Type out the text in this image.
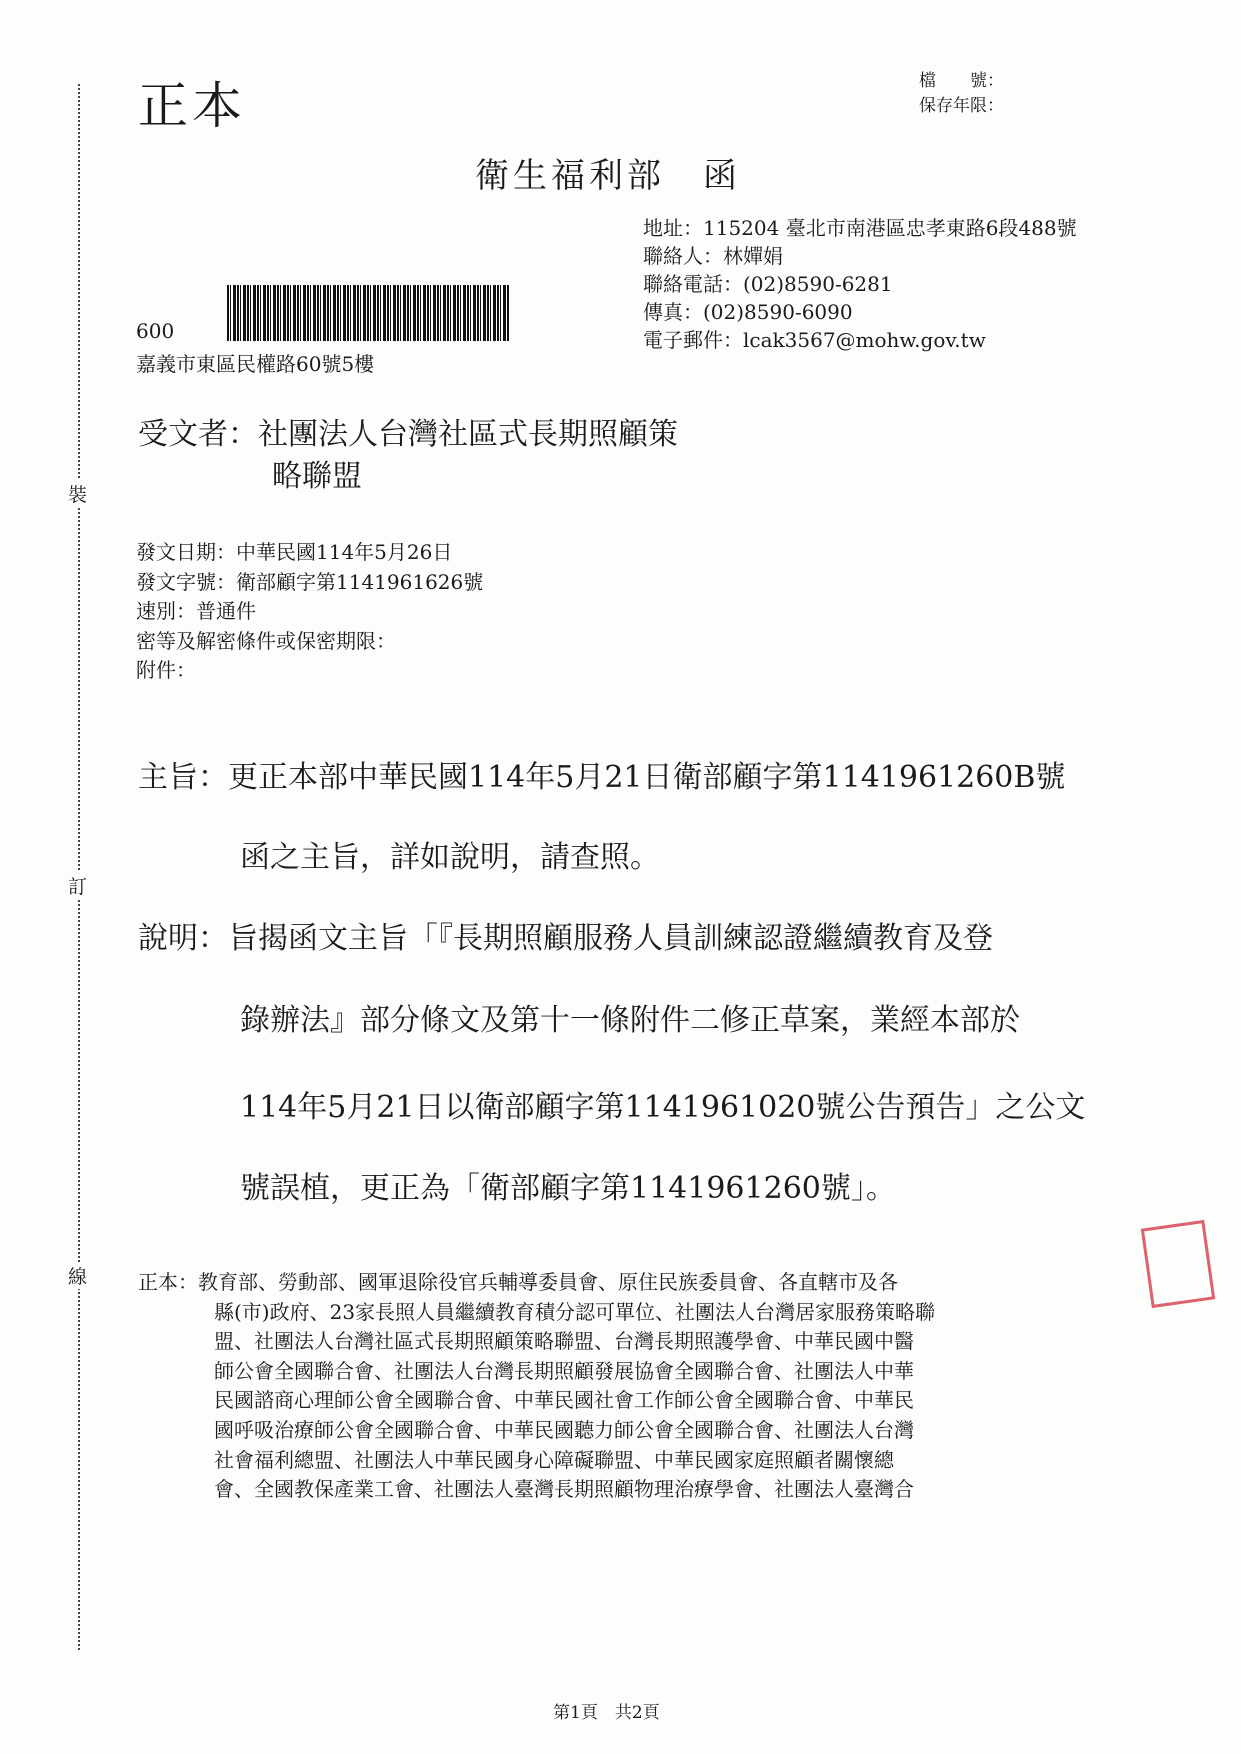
裝
訂
線
正本	檔　　號：
保存年限：
衛生福利部　函
地址：115204 臺北市南港區忠孝東路6段488號
聯絡人：林嬋娟
聯絡電話：(02)8590-6281
傳真：(02)8590-6090
電子郵件：lcak3567@mohw.gov.tw
600
嘉義市東區民權路60號5樓
受文者：社團法人台灣社區式長期照顧策
略聯盟
發文日期：中華民國114年5月26日
發文字號：衛部顧字第1141961626號
速別：普通件
密等及解密條件或保密期限：
附件：
主旨：更正本部中華民國114年5月21日衛部顧字第1141961260B號
函之主旨，詳如說明，請查照。
說明：旨揭函文主旨「『長期照顧服務人員訓練認證繼續教育及登
錄辦法』部分條文及第十一條附件二修正草案，業經本部於
114年5月21日以衛部顧字第1141961020號公告預告」之公文
號誤植，更正為「衛部顧字第1141961260號」。
正本：教育部、勞動部、國軍退除役官兵輔導委員會、原住民族委員會、各直轄市及各
縣(市)政府、23家長照人員繼續教育積分認可單位、社團法人台灣居家服務策略聯
盟、社團法人台灣社區式長期照顧策略聯盟、台灣長期照護學會、中華民國中醫
師公會全國聯合會、社團法人台灣長期照顧發展協會全國聯合會、社團法人中華
民國諮商心理師公會全國聯合會、中華民國社會工作師公會全國聯合會、中華民
國呼吸治療師公會全國聯合會、中華民國聽力師公會全國聯合會、社團法人台灣
社會福利總盟、社團法人中華民國身心障礙聯盟、中華民國家庭照顧者關懷總
會、全國教保產業工會、社團法人臺灣長期照顧物理治療學會、社團法人臺灣合
第1頁　共2頁
